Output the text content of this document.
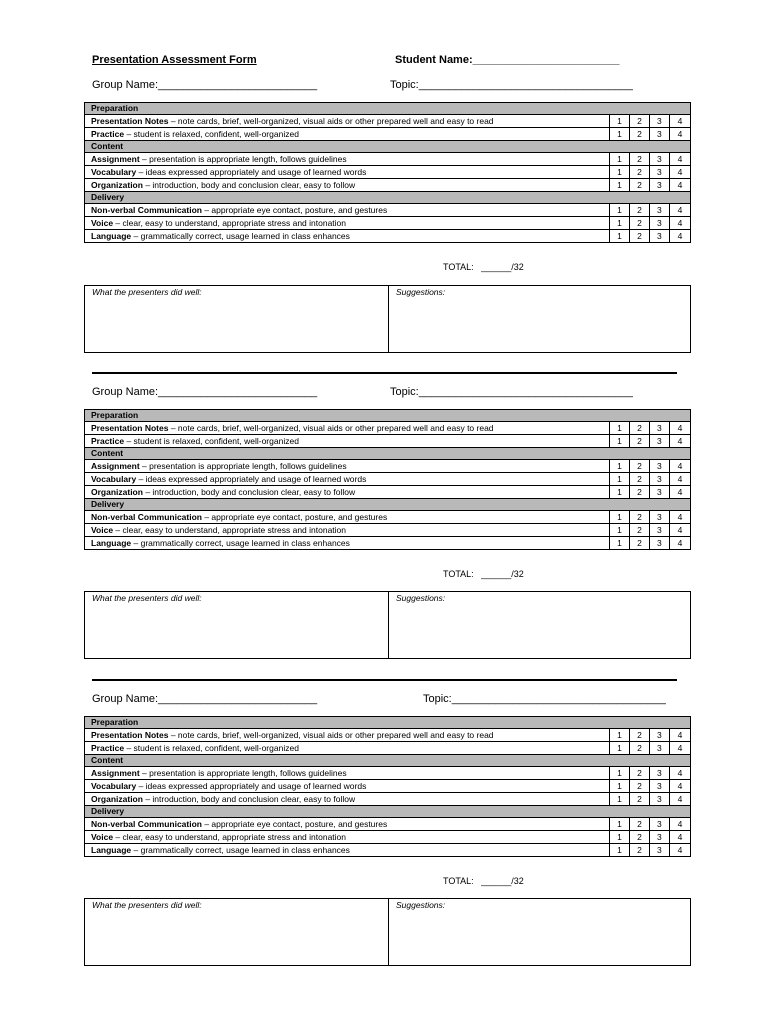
Presentation Assessment Form	Student Name:________________________
Group Name:__________________________	Topic:___________________________________
Preparation				
Presentation Notes – note cards, brief, well-organized, visual aids or other prepared well and easy to read	1	2	3	4
Practice – student is relaxed, confident, well-organized	1	2	3	4
Content				
Assignment – presentation is appropriate length, follows guidelines	1	2	3	4
Vocabulary – ideas expressed appropriately and usage of learned words	1	2	3	4
Organization – introduction, body and conclusion clear, easy to follow	1	2	3	4
Delivery				
Non-verbal Communication – appropriate eye contact, posture, and gestures	1	2	3	4
Voice – clear, easy to understand, appropriate stress and intonation	1	2	3	4
Language – grammatically correct, usage learned in class enhances	1	2	3	4
TOTAL:   ______/32
What the presenters did well:	Suggestions:
Group Name:__________________________	Topic:___________________________________
Preparation				
Presentation Notes – note cards, brief, well-organized, visual aids or other prepared well and easy to read	1	2	3	4
Practice – student is relaxed, confident, well-organized	1	2	3	4
Content				
Assignment – presentation is appropriate length, follows guidelines	1	2	3	4
Vocabulary – ideas expressed appropriately and usage of learned words	1	2	3	4
Organization – introduction, body and conclusion clear, easy to follow	1	2	3	4
Delivery				
Non-verbal Communication – appropriate eye contact, posture, and gestures	1	2	3	4
Voice – clear, easy to understand, appropriate stress and intonation	1	2	3	4
Language – grammatically correct, usage learned in class enhances	1	2	3	4
TOTAL:   ______/32
What the presenters did well:	Suggestions:
Group Name:__________________________	Topic:___________________________________
Preparation				
Presentation Notes – note cards, brief, well-organized, visual aids or other prepared well and easy to read	1	2	3	4
Practice – student is relaxed, confident, well-organized	1	2	3	4
Content				
Assignment – presentation is appropriate length, follows guidelines	1	2	3	4
Vocabulary – ideas expressed appropriately and usage of learned words	1	2	3	4
Organization – introduction, body and conclusion clear, easy to follow	1	2	3	4
Delivery				
Non-verbal Communication – appropriate eye contact, posture, and gestures	1	2	3	4
Voice – clear, easy to understand, appropriate stress and intonation	1	2	3	4
Language – grammatically correct, usage learned in class enhances	1	2	3	4
TOTAL:   ______/32
What the presenters did well:	Suggestions:
